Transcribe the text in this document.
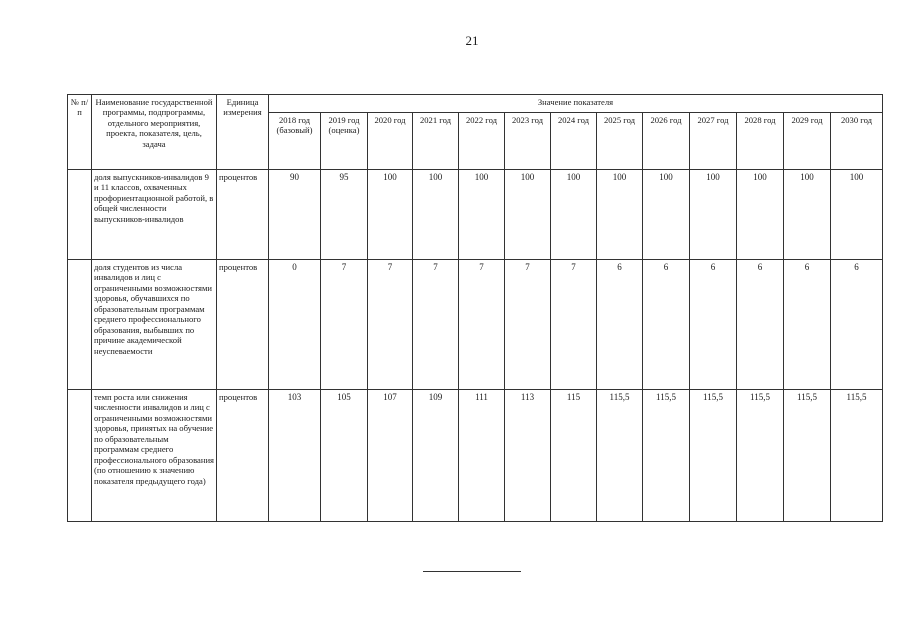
21
№ п/п	Наименование государственной программы, подпрограммы, отдельного мероприятия, проекта, показателя, цель, задача	Единица измерения	Значение показателя												
			2018 год (базовый)	2019 год (оценка)	2020 год	2021 год	2022 год	2023 год	2024 год	2025 год	2026 год	2027 год	2028 год	2029 год	2030 год
	доля выпускников-инвалидов 9 и 11 классов, охваченных профориентационной работой, в общей численности выпускников-инвалидов	процентов	90	95	100	100	100	100	100	100	100	100	100	100	100
	доля студентов из числа инвалидов и лиц с ограниченными возможностями здоровья, обучавшихся по образовательным программам среднего профессионального образования, выбывших по причине академической неуспеваемости	процентов	0	7	7	7	7	7	7	6	6	6	6	6	6
	темп роста или снижения численности инвалидов и лиц с ограниченными возможностями здоровья, принятых на обучение по образовательным программам среднего профессионального образования (по отношению к значению показателя предыдущего года)	процентов	103	105	107	109	111	113	115	115,5	115,5	115,5	115,5	115,5	115,5
